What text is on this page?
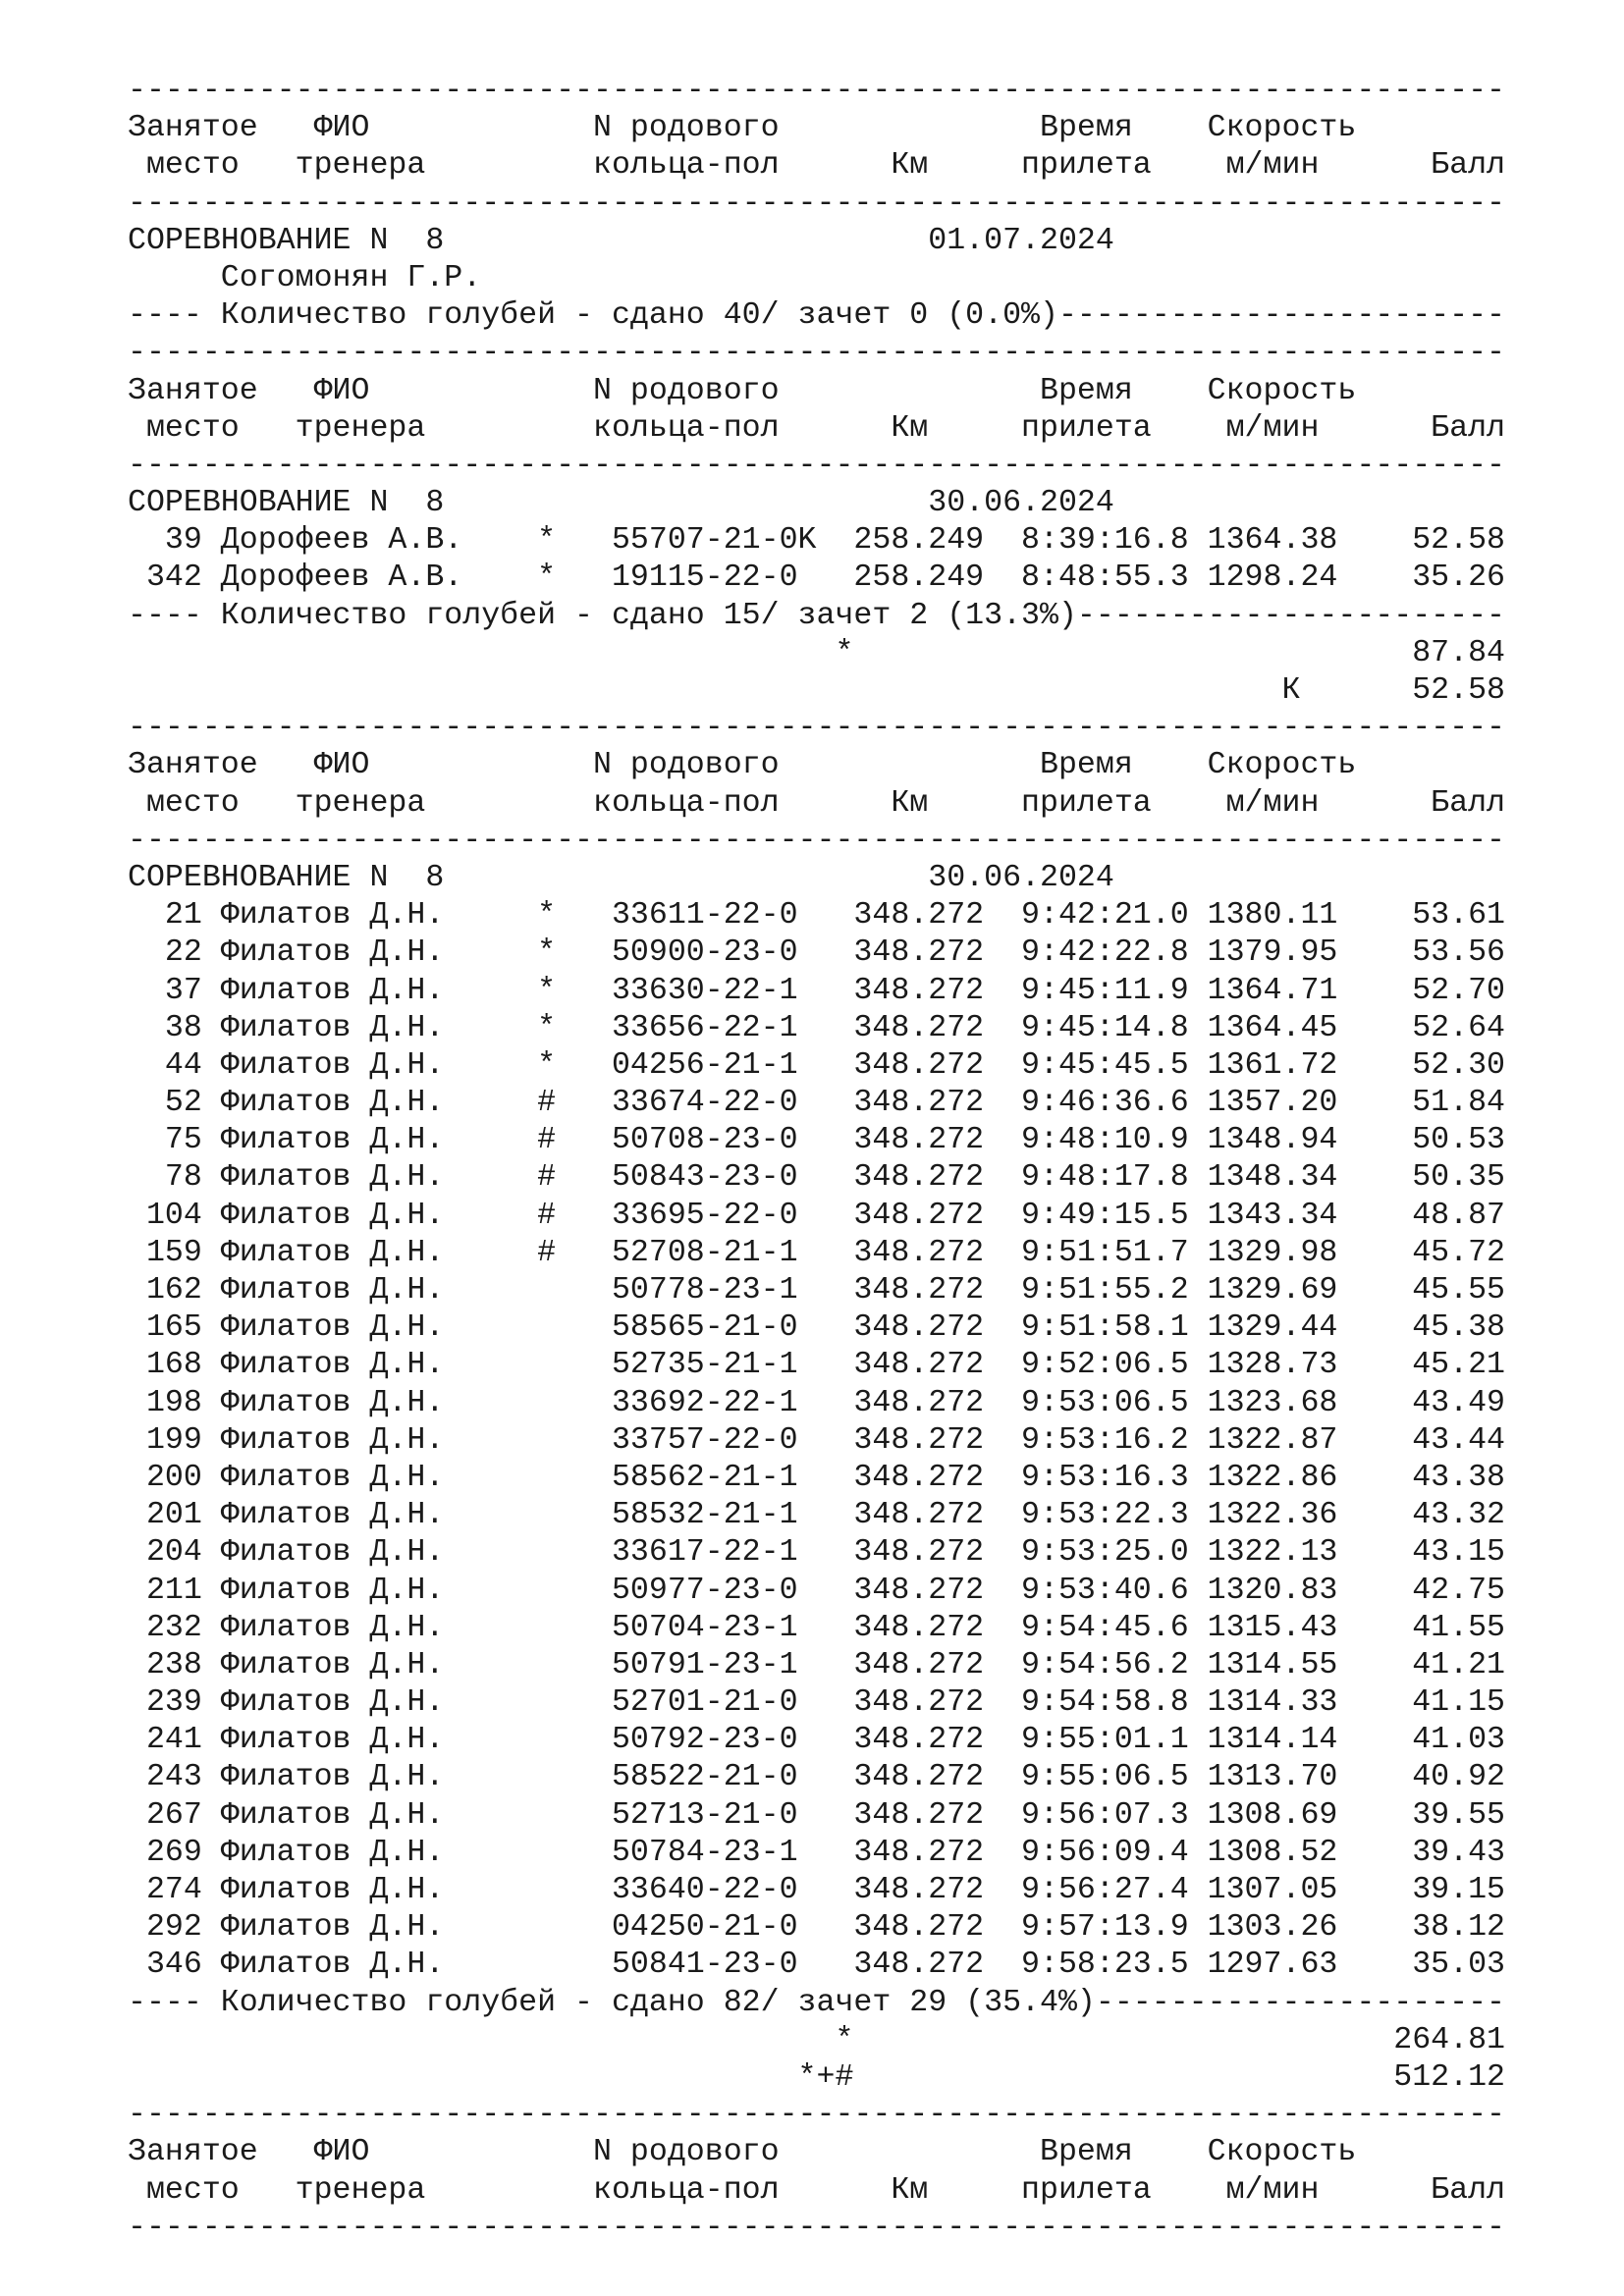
--------------------------------------------------------------------------
Занятое   ФИО            N родового              Время    Скорость
место   тренера         кольца-пол      Км     прилета    м/мин      Балл
--------------------------------------------------------------------------
СОРЕВНОВАНИЕ N  8                          01.07.2024
Согомонян Г.Р.
---- Количество голубей - сдано 40/ зачет 0 (0.0%)------------------------
--------------------------------------------------------------------------
Занятое   ФИО            N родового              Время    Скорость
место   тренера         кольца-пол      Км     прилета    м/мин      Балл
--------------------------------------------------------------------------
СОРЕВНОВАНИЕ N  8                          30.06.2024
39 Дорофеев А.В.    *   55707-21-0K  258.249  8:39:16.8 1364.38    52.58
342 Дорофеев А.В.    *   19115-22-0   258.249  8:48:55.3 1298.24    35.26
---- Количество голубей - сдано 15/ зачет 2 (13.3%)-----------------------
*                              87.84
К      52.58
--------------------------------------------------------------------------
Занятое   ФИО            N родового              Время    Скорость
место   тренера         кольца-пол      Км     прилета    м/мин      Балл
--------------------------------------------------------------------------
СОРЕВНОВАНИЕ N  8                          30.06.2024
21 Филатов Д.Н.     *   33611-22-0   348.272  9:42:21.0 1380.11    53.61
22 Филатов Д.Н.     *   50900-23-0   348.272  9:42:22.8 1379.95    53.56
37 Филатов Д.Н.     *   33630-22-1   348.272  9:45:11.9 1364.71    52.70
38 Филатов Д.Н.     *   33656-22-1   348.272  9:45:14.8 1364.45    52.64
44 Филатов Д.Н.     *   04256-21-1   348.272  9:45:45.5 1361.72    52.30
52 Филатов Д.Н.     #   33674-22-0   348.272  9:46:36.6 1357.20    51.84
75 Филатов Д.Н.     #   50708-23-0   348.272  9:48:10.9 1348.94    50.53
78 Филатов Д.Н.     #   50843-23-0   348.272  9:48:17.8 1348.34    50.35
104 Филатов Д.Н.     #   33695-22-0   348.272  9:49:15.5 1343.34    48.87
159 Филатов Д.Н.     #   52708-21-1   348.272  9:51:51.7 1329.98    45.72
162 Филатов Д.Н.         50778-23-1   348.272  9:51:55.2 1329.69    45.55
165 Филатов Д.Н.         58565-21-0   348.272  9:51:58.1 1329.44    45.38
168 Филатов Д.Н.         52735-21-1   348.272  9:52:06.5 1328.73    45.21
198 Филатов Д.Н.         33692-22-1   348.272  9:53:06.5 1323.68    43.49
199 Филатов Д.Н.         33757-22-0   348.272  9:53:16.2 1322.87    43.44
200 Филатов Д.Н.         58562-21-1   348.272  9:53:16.3 1322.86    43.38
201 Филатов Д.Н.         58532-21-1   348.272  9:53:22.3 1322.36    43.32
204 Филатов Д.Н.         33617-22-1   348.272  9:53:25.0 1322.13    43.15
211 Филатов Д.Н.         50977-23-0   348.272  9:53:40.6 1320.83    42.75
232 Филатов Д.Н.         50704-23-1   348.272  9:54:45.6 1315.43    41.55
238 Филатов Д.Н.         50791-23-1   348.272  9:54:56.2 1314.55    41.21
239 Филатов Д.Н.         52701-21-0   348.272  9:54:58.8 1314.33    41.15
241 Филатов Д.Н.         50792-23-0   348.272  9:55:01.1 1314.14    41.03
243 Филатов Д.Н.         58522-21-0   348.272  9:55:06.5 1313.70    40.92
267 Филатов Д.Н.         52713-21-0   348.272  9:56:07.3 1308.69    39.55
269 Филатов Д.Н.         50784-23-1   348.272  9:56:09.4 1308.52    39.43
274 Филатов Д.Н.         33640-22-0   348.272  9:56:27.4 1307.05    39.15
292 Филатов Д.Н.         04250-21-0   348.272  9:57:13.9 1303.26    38.12
346 Филатов Д.Н.         50841-23-0   348.272  9:58:23.5 1297.63    35.03
---- Количество голубей - сдано 82/ зачет 29 (35.4%)----------------------
*                             264.81
*+#                             512.12
--------------------------------------------------------------------------
Занятое   ФИО            N родового              Время    Скорость
место   тренера         кольца-пол      Км     прилета    м/мин      Балл
--------------------------------------------------------------------------
